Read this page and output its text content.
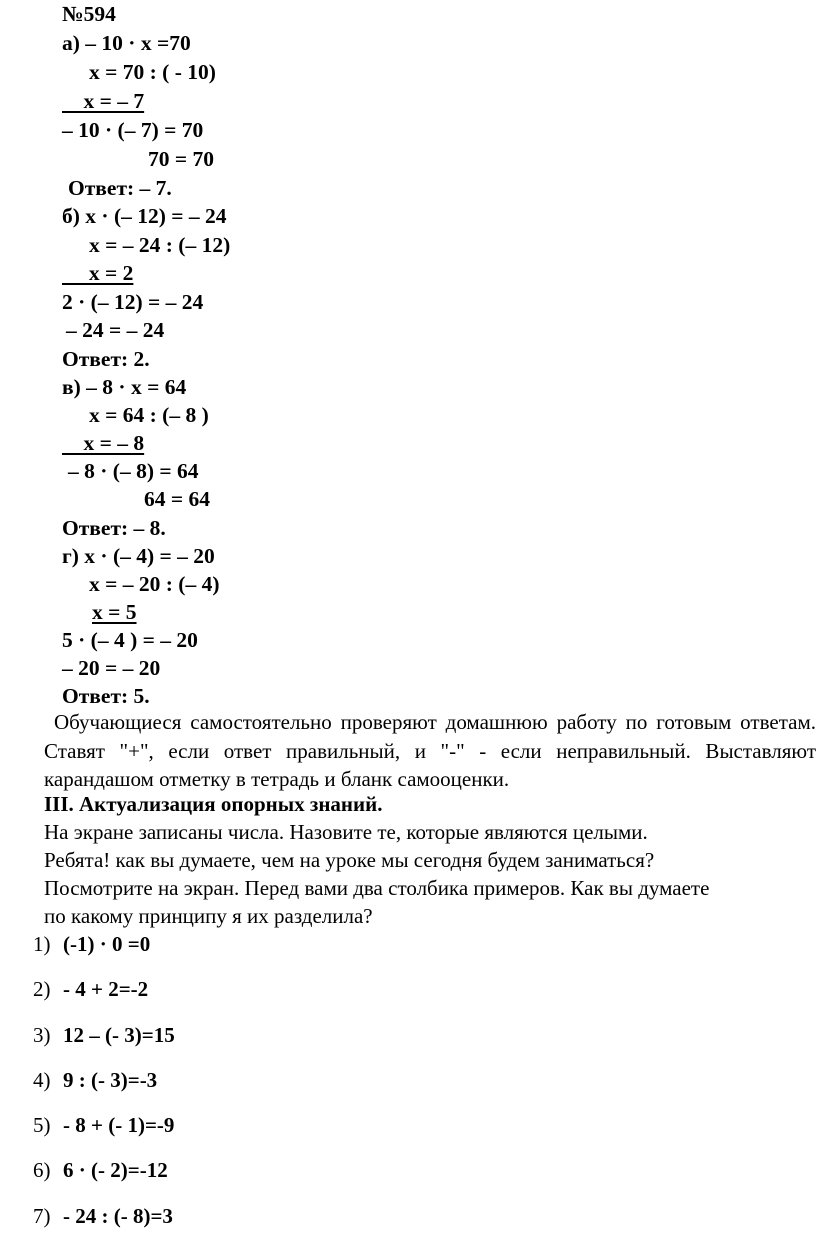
№594
а) – 10 · х =70
х = 70 : ( - 10)
х = – 7
– 10 · (– 7) = 70
70 = 70
Ответ: – 7.
б) х · (– 12) = – 24
х = – 24 : (– 12)
х = 2
2 · (– 12) = – 24
– 24 = – 24
Ответ: 2.
в) – 8 · х = 64
х = 64 : (– 8 )
х = – 8
– 8 · (– 8) = 64
64 = 64
Ответ: – 8.
г) х · (– 4) = – 20
х = – 20 : (– 4)
х = 5
5 · (– 4 ) = – 20
– 20 = – 20
Ответ: 5.
Обучающиеся самостоятельно проверяют домашнюю работу по готовым ответам. Ставят "+", если ответ правильный, и "-" - если неправильный. Выставляют карандашом отметку в тетрадь и бланк самооценки.
III. Актуализация опорных знаний.
На экране записаны числа. Назовите те, которые являются целыми.
Ребята! как вы думаете, чем на уроке мы сегодня будем заниматься?
Посмотрите на экран. Перед вами два столбика примеров. Как вы думаете
по какому принципу я их разделила?
1) (-1) · 0 =0
2) - 4 + 2=-2
3) 12 – (- 3)=15
4) 9 : (- 3)=-3
5) - 8 + (- 1)=-9
6) 6 · (- 2)=-12
7) - 24 : (- 8)=3
